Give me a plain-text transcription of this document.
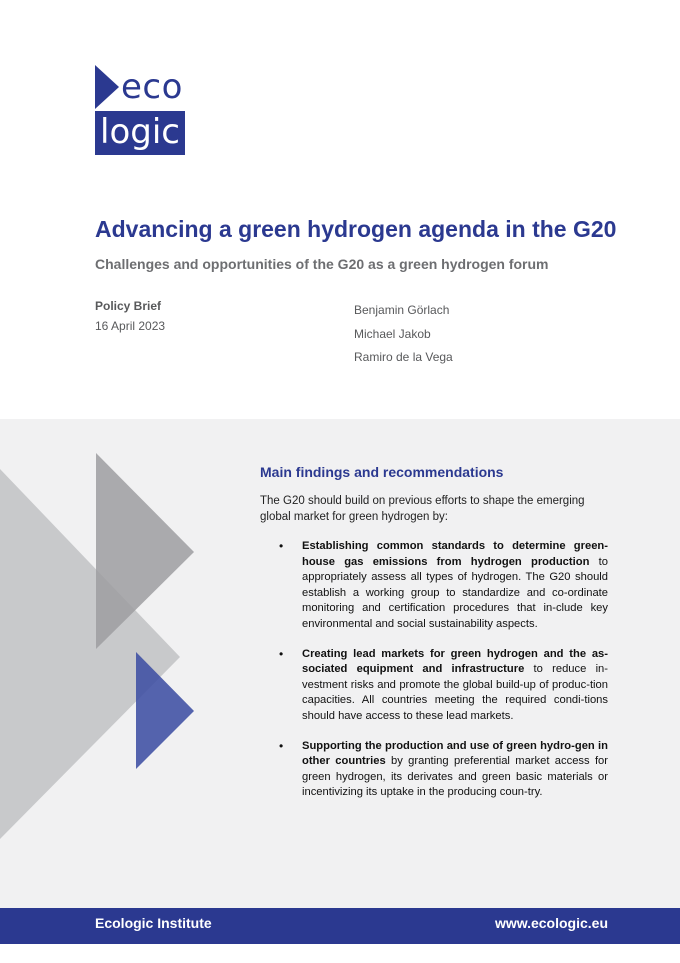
eco
logic
Advancing a green hydrogen agenda in the G20
Challenges and opportunities of the G20 as a green hydrogen forum
Policy Brief
16 April 2023
Benjamin Görlach
Michael Jakob
Ramiro de la Vega
Main findings and recommendations

The G20 should build on previous efforts to shape the emerging global market for green hydrogen by:

• Establishing common standards to determine green-house gas emissions from hydrogen production to appropriately assess all types of hydrogen. The G20 should establish a working group to standardize and co-ordinate monitoring and certification procedures that in-clude key environmental and social sustainability aspects.
• Creating lead markets for green hydrogen and the as-sociated equipment and infrastructure to reduce in-vestment risks and promote the global build-up of produc-tion capacities. All countries meeting the required condi-tions should have access to these lead markets.
• Supporting the production and use of green hydro-gen in other countries by granting preferential market access for green hydrogen, its derivates and green basic materials or incentivizing its uptake in the producing coun-try.
Ecologic Institute	www.ecologic.eu
